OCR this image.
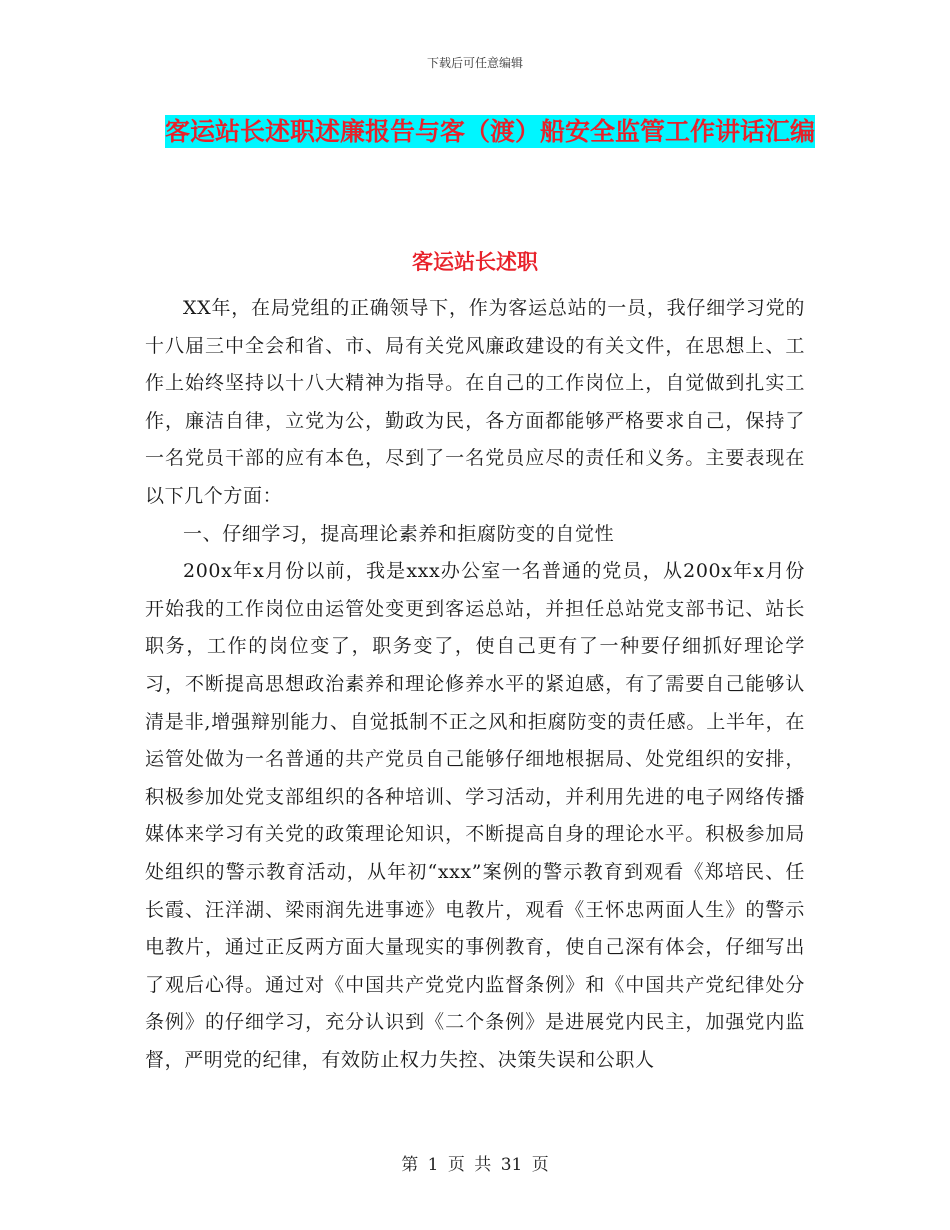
下载后可任意编辑
客运站长述职述廉报告与客（渡）船安全监管工作讲话汇编
客运站长述职

XX年，在局党组的正确领导下，作为客运总站的一员，我仔细学习党的十八届三中全会和省、市、局有关党风廉政建设的有关文件，在思想上、工作上始终坚持以十八大精神为指导。在自己的工作岗位上，自觉做到扎实工作，廉洁自律，立党为公，勤政为民，各方面都能够严格要求自己，保持了一名党员干部的应有本色，尽到了一名党员应尽的责任和义务。主要表现在以下几个方面：

一、仔细学习，提高理论素养和拒腐防变的自觉性

200x年x月份以前，我是xxx办公室一名普通的党员，从200x年x月份开始我的工作岗位由运管处变更到客运总站，并担任总站党支部书记、站长职务，工作的岗位变了，职务变了，使自己更有了一种要仔细抓好理论学习，不断提高思想政治素养和理论修养水平的紧迫感，有了需要自己能够认清是非,增强辩别能力、自觉抵制不正之风和拒腐防变的责任感。上半年，在运管处做为一名普通的共产党员自己能够仔细地根据局、处党组织的安排，积极参加处党支部组织的各种培训、学习活动，并利用先进的电子网络传播媒体来学习有关党的政策理论知识，不断提高自身的理论水平。积极参加局处组织的警示教育活动，从年初“xxx”案例的警示教育到观看《郑培民、任长霞、汪洋湖、梁雨润先进事迹》电教片，观看《王怀忠两面人生》的警示电教片，通过正反两方面大量现实的事例教育，使自己深有体会，仔细写出了观后心得。通过对《中国共产党党内监督条例》和《中国共产党纪律处分条例》的仔细学习，充分认识到《二个条例》是进展党内民主，加强党内监督，严明党的纪律，有效防止权力失控、决策失误和公职人

第 1 页 共 31 页
